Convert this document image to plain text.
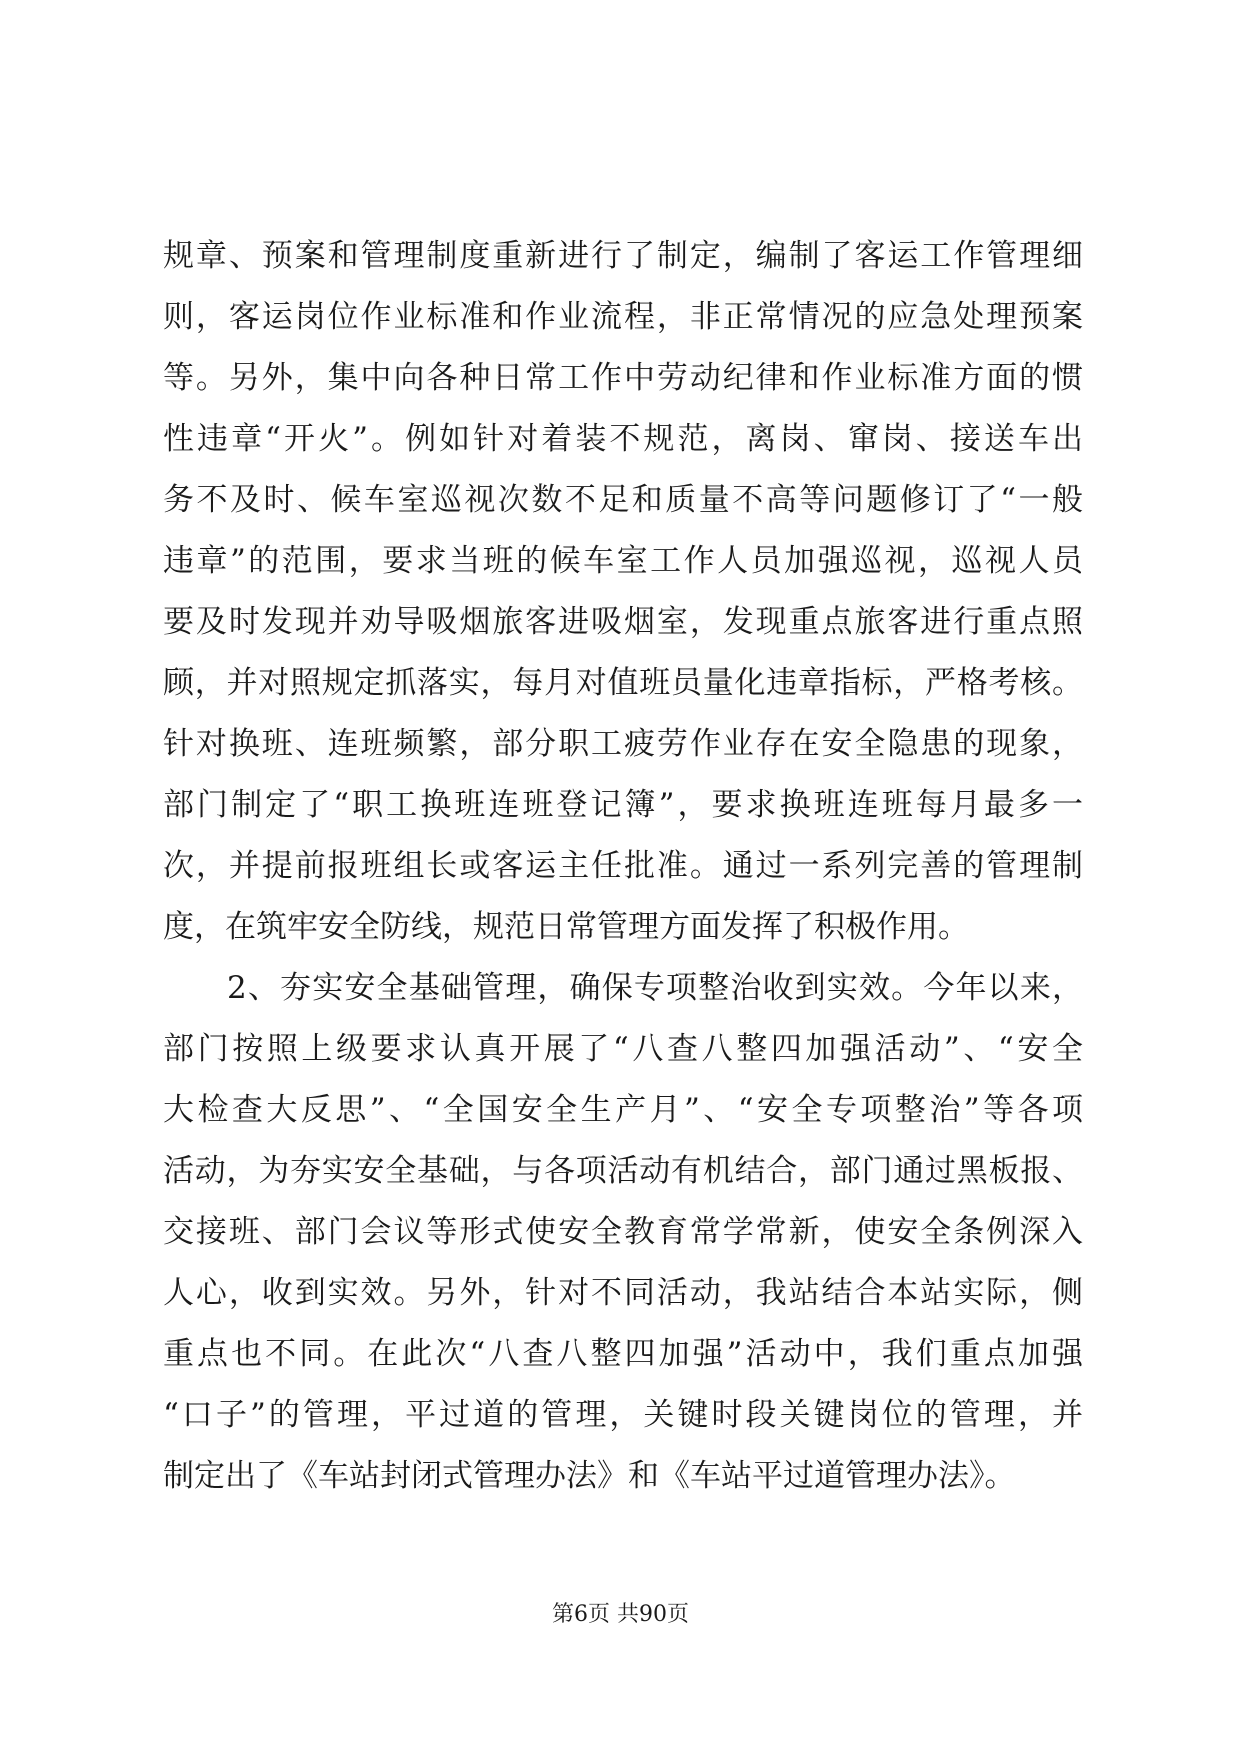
规章、预案和管理制度重新进行了制定，编制了客运工作管理细
则，客运岗位作业标准和作业流程，非正常情况的应急处理预案
等。另外，集中向各种日常工作中劳动纪律和作业标准方面的惯
性违章“开火”。例如针对着装不规范，离岗、窜岗、接送车出
务不及时、候车室巡视次数不足和质量不高等问题修订了“一般
违章”的范围，要求当班的候车室工作人员加强巡视，巡视人员
要及时发现并劝导吸烟旅客进吸烟室，发现重点旅客进行重点照
顾，并对照规定抓落实，每月对值班员量化违章指标，严格考核。
针对换班、连班频繁，部分职工疲劳作业存在安全隐患的现象，
部门制定了“职工换班连班登记簿”，要求换班连班每月最多一
次，并提前报班组长或客运主任批准。通过一系列完善的管理制
度，在筑牢安全防线，规范日常管理方面发挥了积极作用。
2、夯实安全基础管理，确保专项整治收到实效。今年以来，
部门按照上级要求认真开展了“八查八整四加强活动”、“安全
大检查大反思”、“全国安全生产月”、“安全专项整治”等各项
活动，为夯实安全基础，与各项活动有机结合，部门通过黑板报、
交接班、部门会议等形式使安全教育常学常新，使安全条例深入
人心，收到实效。另外，针对不同活动，我站结合本站实际，侧
重点也不同。在此次“八查八整四加强”活动中，我们重点加强
“口子”的管理，平过道的管理，关键时段关键岗位的管理，并
制定出了《车站封闭式管理办法》和《车站平过道管理办法》。
第6页 共90页
